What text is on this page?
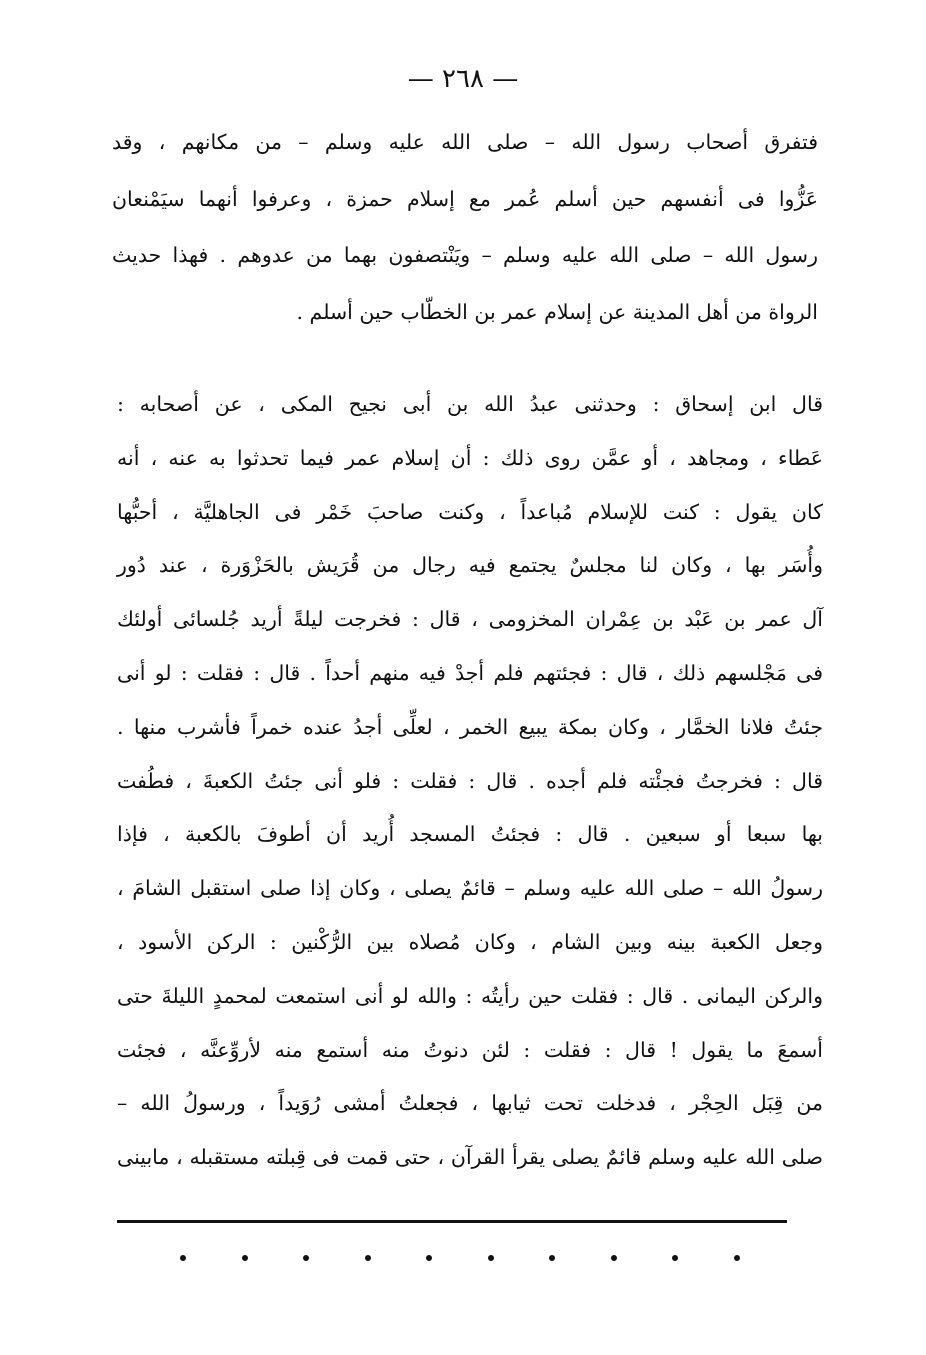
— ٢٦٨ —
فتفرق أصحاب رسول الله – صلى الله عليه وسلم – من مكانهم ، وقد
عَزُّوا فى أنفسهم حين أسلم عُمر مع إسلام حمزة ، وعرفوا أنهما سيَمْنعان
رسول الله – صلى الله عليه وسلم – ويَنْتصفون بهما من عدوهم . فهذا حديث
الرواة من أهل المدينة عن إسلام عمر بن الخطّاب حين أسلم .
قال ابن إسحاق : وحدثنى عبدُ الله بن أبى نجيح المكى ، عن أصحابه :
عَطاء ، ومجاهد ، أو عمَّن روى ذلك : أن إسلام عمر فيما تحدثوا به عنه ، أنه
كان يقول : كنت للإسلام مُباعداً ، وكنت صاحبَ خَمْر فى الجاهليَّة ، أحبُّها
وأُسَر بها ، وكان لنا مجلسٌ يجتمع فيه رجال من قُرَيش بالحَزْوَرة ، عند دُور
آل عمر بن عَبْد بن عِمْران المخزومى ، قال : فخرجت ليلةً أريد جُلسائى أولئك
فى مَجْلسهم ذلك ، قال : فجئتهم فلم أجدْ فيه منهم أحداً . قال : فقلت : لو أنى
جئتُ فلانا الخمَّار ، وكان بمكة يبيع الخمر ، لعلِّى أجدُ عنده خمراً فأشرب منها .
قال : فخرجتُ فجئْته فلم أجده . قال : فقلت : فلو أنى جئتُ الكعبةَ ، فطُفت
بها سبعا أو سبعين . قال : فجئتُ المسجد أُريد أن أطوفَ بالكعبة ، فإذا
رسولُ الله – صلى الله عليه وسلم – قائمٌ يصلى ، وكان إذا صلى استقبل الشامَ ،
وجعل الكعبة بينه وبين الشام ، وكان مُصلاه بين الرُّكْنين : الركن الأسود ،
والركن اليمانى . قال : فقلت حين رأيتُه : والله لو أنى استمعت لمحمدٍ الليلةَ حتى
أسمعَ ما يقول ! قال : فقلت : لئن دنوتُ منه أستمع منه لأروِّعنَّه ، فجئت
من قِبَل الحِجْر ، فدخلت تحت ثيابها ، فجعلتُ أمشى رُوَيداً ، ورسولُ الله –
صلى الله عليه وسلم قائمٌ يصلى يقرأ القرآن ، حتى قمت فى قِبلته مستقبله ، مابينى
